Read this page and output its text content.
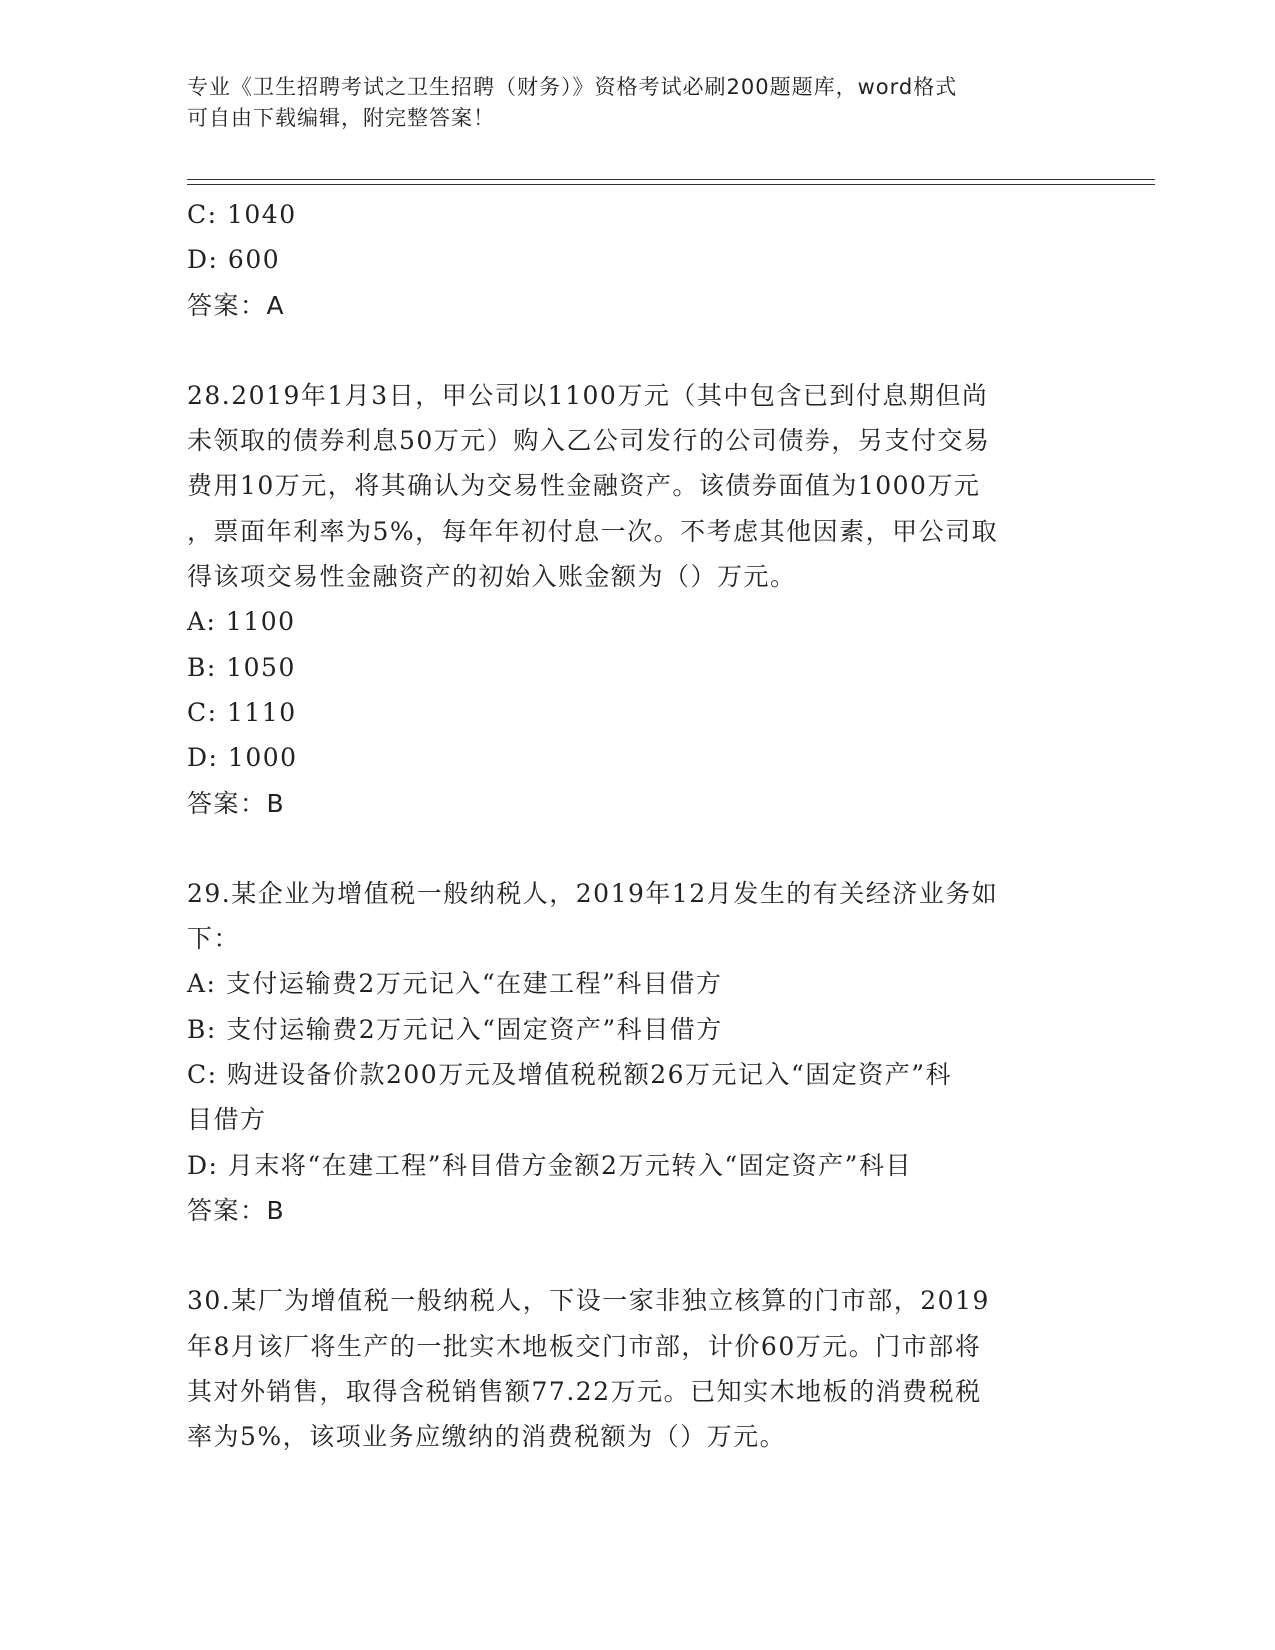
专业《卫生招聘考试之卫生招聘（财务）》资格考试必刷200题题库，word格式
可自由下载编辑，附完整答案！

C: 1040

D: 600

答案：A

28.2019年1月3日，甲公司以1100万元（其中包含已到付息期但尚

未领取的债券利息50万元）购入乙公司发行的公司债券，另支付交易

费用10万元，将其确认为交易性金融资产。该债券面值为1000万元

，票面年利率为5%，每年年初付息一次。不考虑其他因素，甲公司取

得该项交易性金融资产的初始入账金额为（）万元。

A: 1100

B: 1050

C: 1110

D: 1000

答案：B

29.某企业为增值税一般纳税人，2019年12月发生的有关经济业务如

下：

A: 支付运输费2万元记入“在建工程”科目借方

B: 支付运输费2万元记入“固定资产”科目借方

C: 购进设备价款200万元及增值税税额26万元记入“固定资产”科

目借方

D: 月末将“在建工程”科目借方金额2万元转入“固定资产”科目

答案：B

30.某厂为增值税一般纳税人，下设一家非独立核算的门市部，2019

年8月该厂将生产的一批实木地板交门市部，计价60万元。门市部将

其对外销售，取得含税销售额77.22万元。已知实木地板的消费税税

率为5%，该项业务应缴纳的消费税额为（）万元。
